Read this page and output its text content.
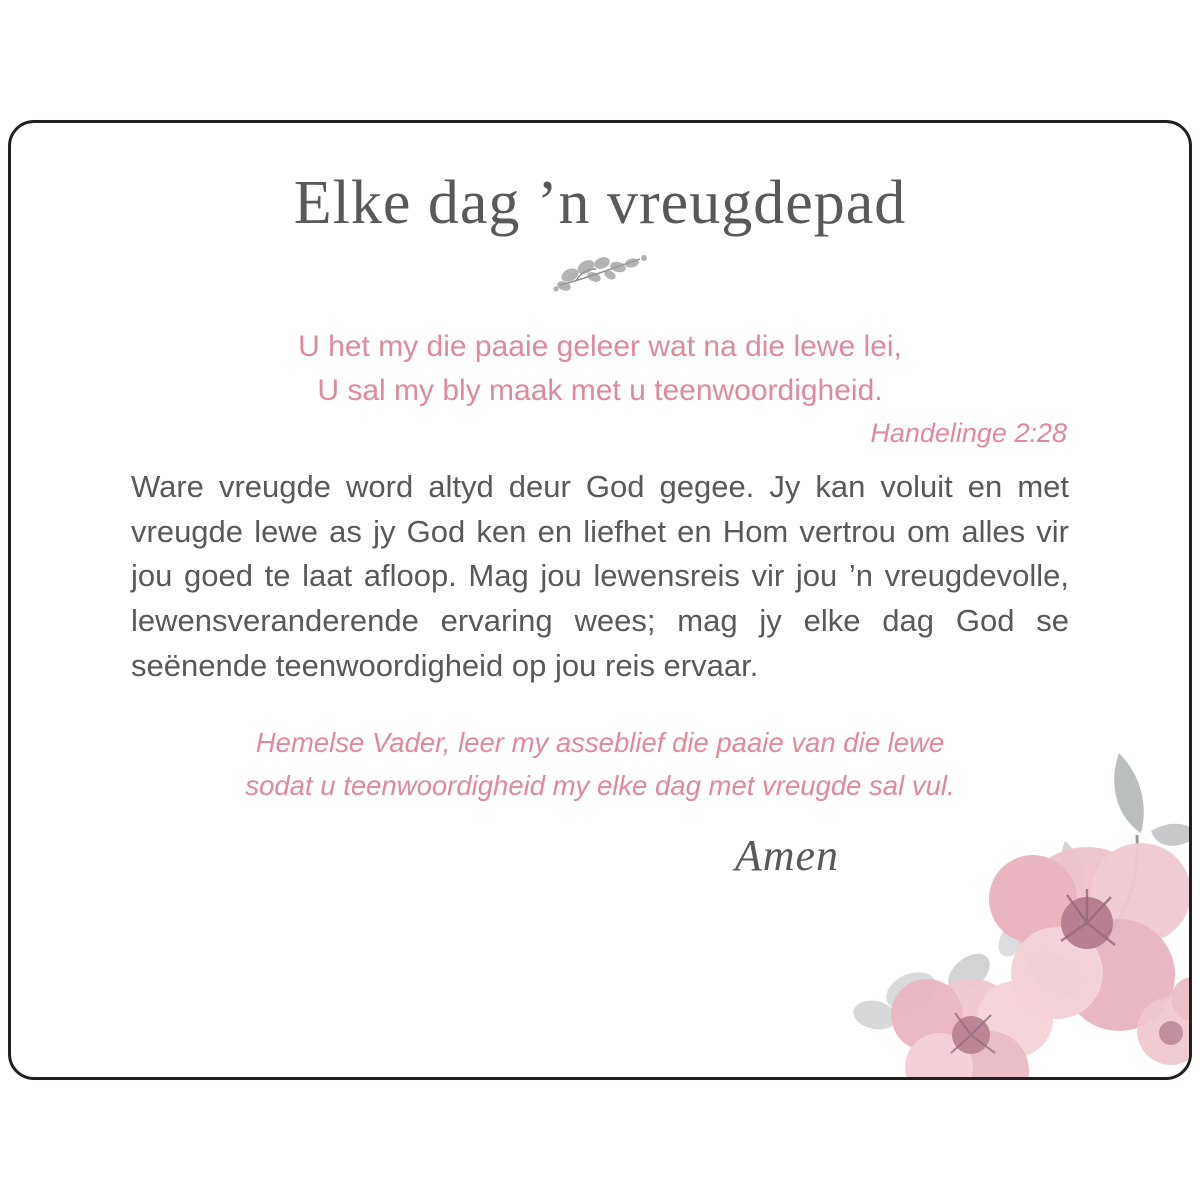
Elke dag ’n vreugdepad
U het my die paaie geleer wat na die lewe lei,
U sal my bly maak met u teenwoordigheid.
Handelinge 2:28

Ware vreugde word altyd deur God gegee. Jy kan voluit en met vreugde lewe as jy God ken en liefhet en Hom vertrou om alles vir jou goed te laat afloop. Mag jou lewensreis vir jou ’n vreugdevolle, lewensveranderende ervaring wees; mag jy elke dag God se seënende teenwoordigheid op jou reis ervaar.

Hemelse Vader, leer my asseblief die paaie van die lewe
sodat u teenwoordigheid my elke dag met vreugde sal vul.
Amen
